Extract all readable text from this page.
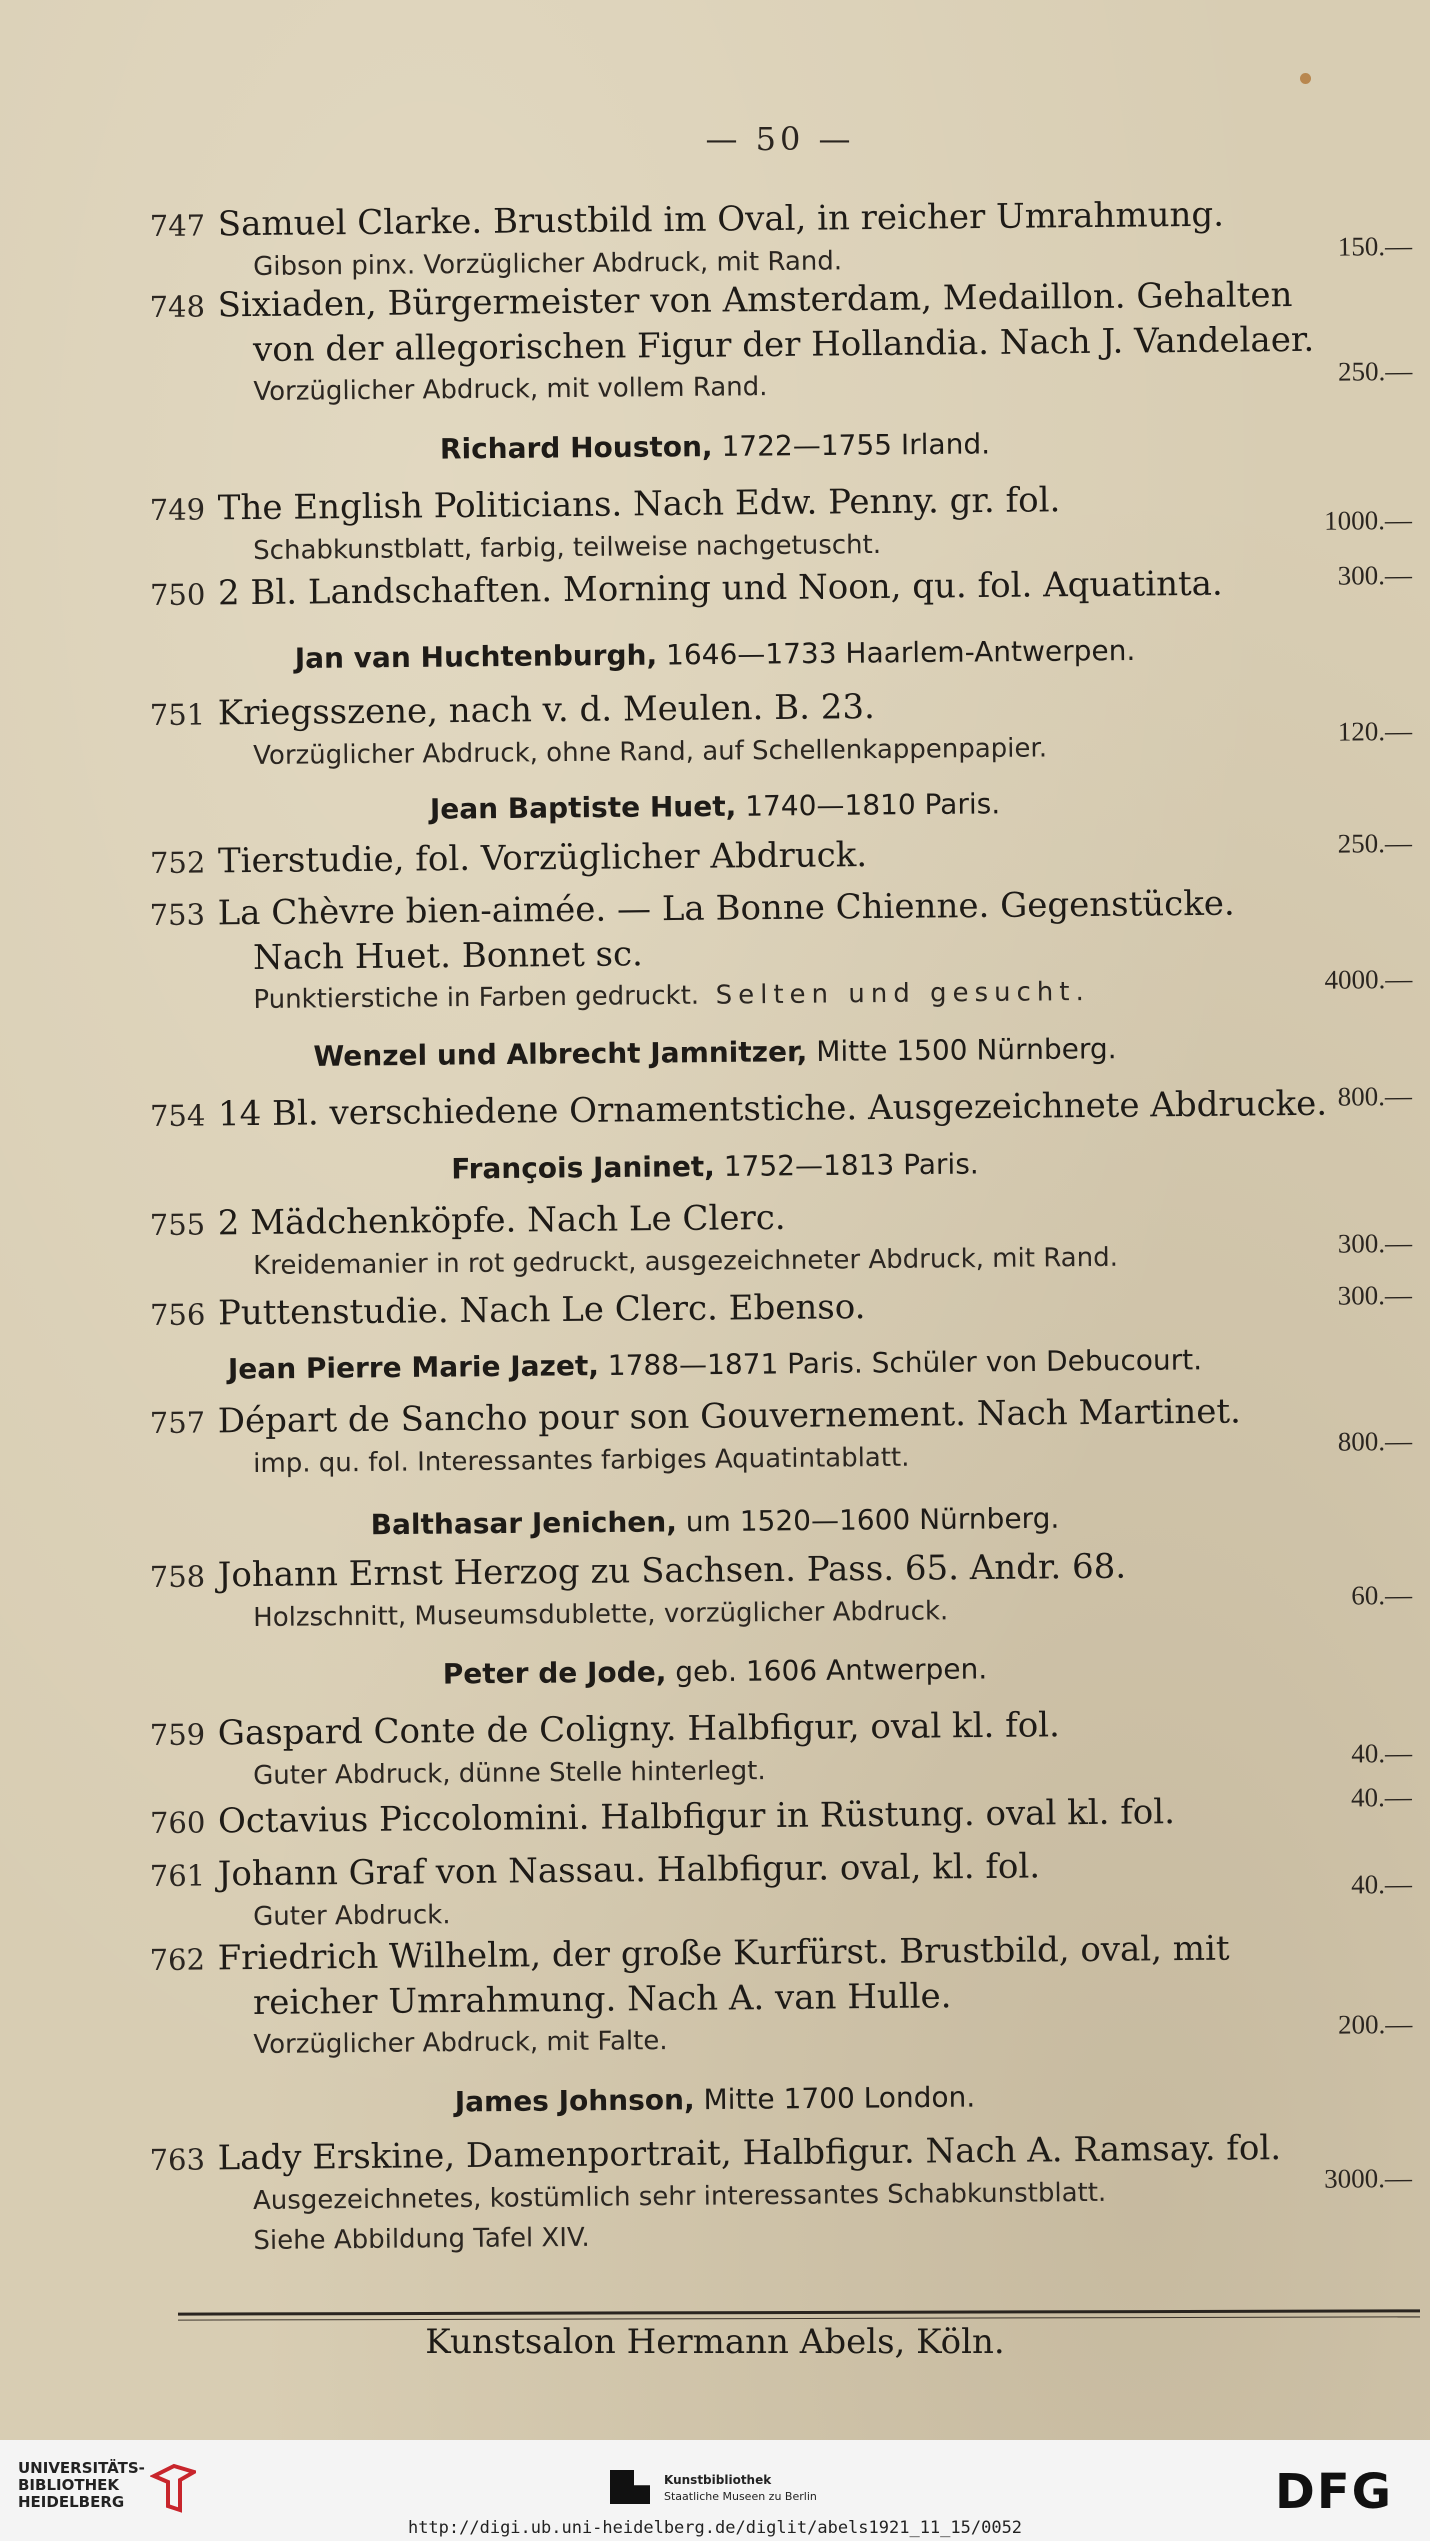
— 50 —
747 Samuel Clarke. Brustbild im Oval, in reicher Umrahmung.
Gibson pinx. Vorzüglicher Abdruck, mit Rand.
150.—
748 Sixiaden, Bürgermeister von Amsterdam, Medaillon. Gehalten
von der allegorischen Figur der Hollandia. Nach J. Vandelaer.
Vorzüglicher Abdruck, mit vollem Rand.
250.—
Richard Houston, 1722—1755 Irland.
749 The English Politicians. Nach Edw. Penny. gr. fol.
Schabkunstblatt, farbig, teilweise nachgetuscht.
1000.—
750 2 Bl. Landschaften. Morning und Noon, qu. fol. Aquatinta.	300.—
Jan van Huchtenburgh, 1646—1733 Haarlem-Antwerpen.
751 Kriegsszene, nach v. d. Meulen. B. 23.
Vorzüglicher Abdruck, ohne Rand, auf Schellenkappenpapier.
120.—
Jean Baptiste Huet, 1740—1810 Paris.
752 Tierstudie, fol. Vorzüglicher Abdruck.	250.—
753 La Chèvre bien-aimée. — La Bonne Chienne. Gegenstücke.
Nach Huet. Bonnet sc.
Punktierstiche in Farben gedruckt. Selten und gesucht.	4000.—
Wenzel und Albrecht Jamnitzer, Mitte 1500 Nürnberg.
754 14 Bl. verschiedene Ornamentstiche. Ausgezeichnete Abdrucke. 800.—
François Janinet, 1752—1813 Paris.
755 2 Mädchenköpfe. Nach Le Clerc.
Kreidemanier in rot gedruckt, ausgezeichneter Abdruck, mit Rand.	300.—
756 Puttenstudie. Nach Le Clerc. Ebenso.	300.—
Jean Pierre Marie Jazet, 1788—1871 Paris. Schüler von Debucourt.
757 Départ de Sancho pour son Gouvernement. Nach Martinet.
imp. qu. fol. Interessantes farbiges Aquatintablatt.
800.—
Balthasar Jenichen, um 1520—1600 Nürnberg.
758 Johann Ernst Herzog zu Sachsen. Pass. 65. Andr. 68.
Holzschnitt, Museumsdublette, vorzüglicher Abdruck.
60.—
Peter de Jode, geb. 1606 Antwerpen.
759 Gaspard Conte de Coligny. Halbfigur, oval kl. fol.
Guter Abdruck, dünne Stelle hinterlegt.
40.—
760 Octavius Piccolomini. Halbfigur in Rüstung. oval kl. fol.	40.—
761 Johann Graf von Nassau. Halbfigur. oval, kl. fol.
Guter Abdruck.
40.—
762 Friedrich Wilhelm, der große Kurfürst. Brustbild, oval, mit
reicher Umrahmung. Nach A. van Hulle.
Vorzüglicher Abdruck, mit Falte.
200.—
James Johnson, Mitte 1700 London.
763 Lady Erskine, Damenportrait, Halbfigur. Nach A. Ramsay. fol.
Ausgezeichnetes, kostümlich sehr interessantes Schabkunstblatt.
Siehe Abbildung Tafel XIV.
3000.—
Kunstsalon Hermann Abels, Köln.
UNIVERSITÄTS-
BIBLIOTHEK
HEIDELBERG
Kunstbibliothek
Staatliche Museen zu Berlin	DFG
http://digi.ub.uni-heidelberg.de/diglit/abels1921_11_15/0052
